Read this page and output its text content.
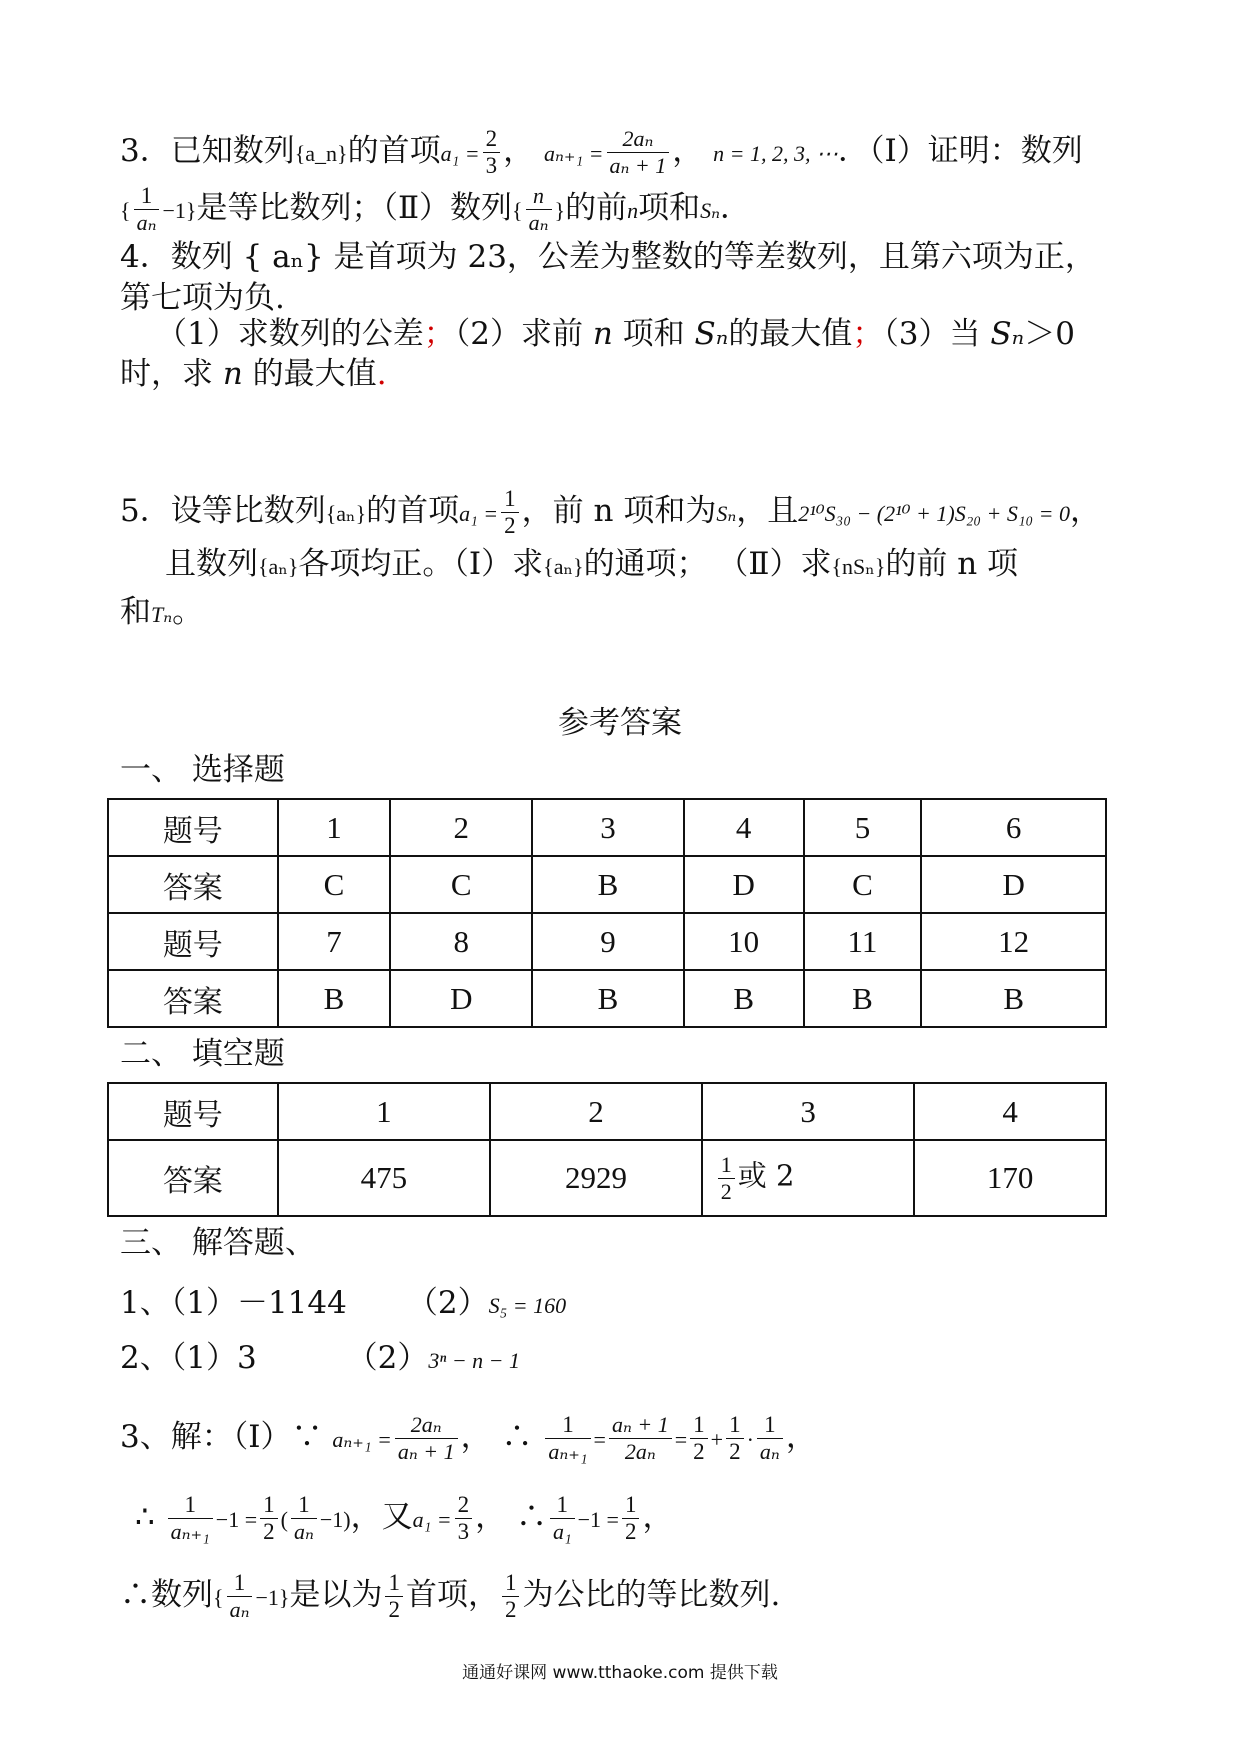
3．已知数列{a_n}的首项$a_1 = \frac{2}{3}$ ， $a_{n+1} = \frac{\text{2aₙ}}{\text{aₙ + 1}}$ ， n = 1, 2, 3, ⋯．（Ⅰ）证明：数列
{ $\frac{1}{\text{aₙ}} -1$}是等比数列；（Ⅱ）数列{ $\frac{n}{\text{aₙ}}$ }的前n项和Sₙ．
4．数列 { aₙ} 是首项为 23，公差为整数的等差数列，且第六项为正，
第七项为负.
（1）求数列的公差；（2）求前 n 项和 Sₙ的最大值；（3）当 Sₙ＞0
时，求 n 的最大值.
5．设等比数列{aₙ}的首项$a_1 = \frac{1}{2}$ ，前 n 项和为Sₙ，且2¹⁰S₃₀ − (2¹⁰ + 1)S₂₀ + S₁₀ = 0，
且数列{aₙ}各项均正。（Ⅰ）求{aₙ}的通项； （Ⅱ）求{nSₙ}的前 n 项
和Tₙ。
参考答案
一、 选择题
题号	1	2	3	4	5	6
答案	C	C	B	D	C	D
题号	7	8	9	10	11	12
答案	B	D	B	B	B	B
二、 填空题
题号	1	2	3	4
答案	475	2929	$\frac{1}{2}$ 或 2	170
三、 解答题、
1、（1）－1144 （2）S₅ = 160
2、（1）3	（2）3ⁿ − n − 1
3、解：（Ⅰ）∵ $a_{n+1} = \frac{\text{2aₙ}}{\text{aₙ + 1}}$ ， ∴ $\frac{1}{\text{aₙ₊₁}} = \frac{\text{aₙ + 1}}{\text{2aₙ}} = \frac{1}{2} + \frac{1}{2} \cdot \frac{1}{\text{aₙ}}$ ，
∴ $\frac{1}{\text{aₙ₊₁}} -1 = \frac{1}{2}$ ( $\frac{1}{\text{aₙ}} -1$)，又$a_1 = \frac{2}{3}$ ， ∴ $\frac{1}{\text{a₁}} -1 = \frac{1}{2}$ ，
∴数列{ $\frac{1}{\text{aₙ}} -1$}是以为 $\frac{1}{2}$ 首项， $\frac{1}{2}$ 为公比的等比数列.
通通好课网 www.tthaoke.com 提供下载
